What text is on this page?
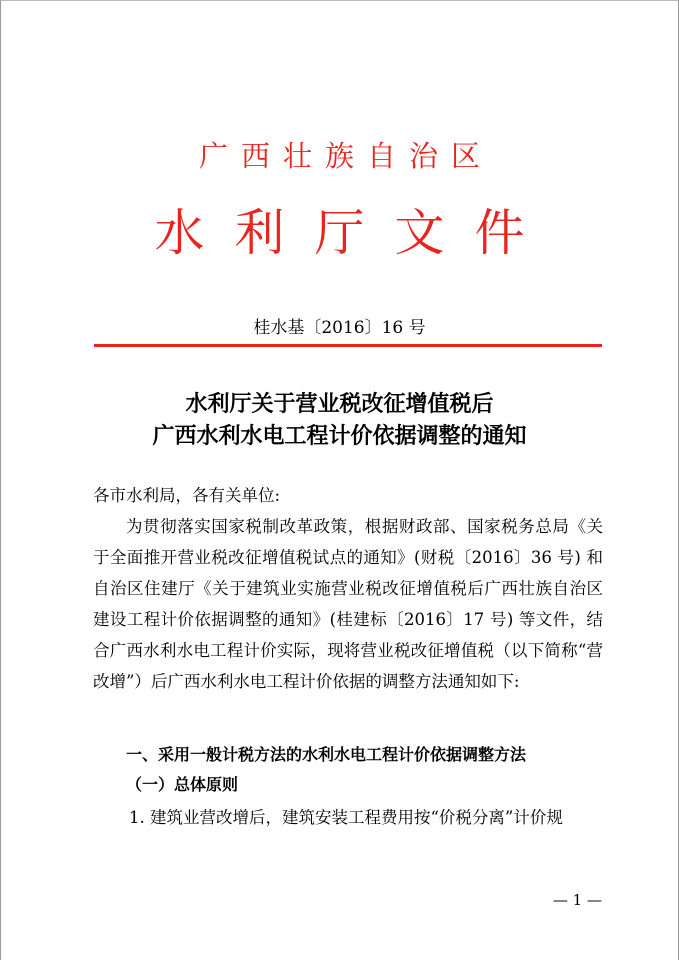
广西壮族自治区
水利厅文件
桂水基〔2016〕16 号
水利厅关于营业税改征增值税后
广西水利水电工程计价依据调整的通知
各市水利局，各有关单位:
为贯彻落实国家税制改革政策，根据财政部、国家税务总局《关于全面推开营业税改征增值税试点的通知》(财税〔2016〕36 号) 和自治区住建厅《关于建筑业实施营业税改征增值税后广西壮族自治区建设工程计价依据调整的通知》(桂建标〔2016〕17 号) 等文件，结合广西水利水电工程计价实际，现将营业税改征增值税（以下简称“营改增”）后广西水利水电工程计价依据的调整方法通知如下:
一、采用一般计税方法的水利水电工程计价依据调整方法
（一）总体原则
1. 建筑业营改增后，建筑安装工程费用按“价税分离”计价规
— 1 —
